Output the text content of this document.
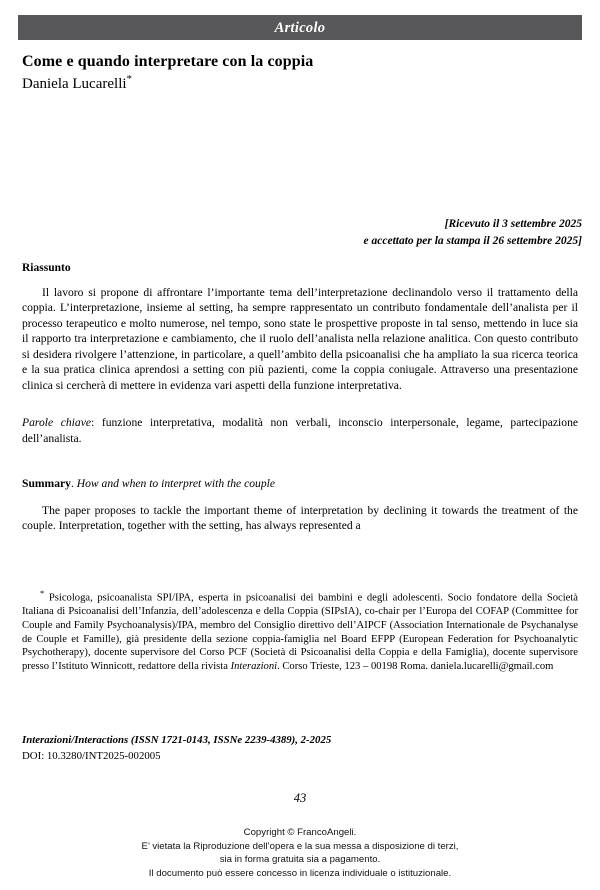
Articolo
Come e quando interpretare con la coppia
Daniela Lucarelli*
[Ricevuto il 3 settembre 2025
e accettato per la stampa il 26 settembre 2025]
Riassunto

Il lavoro si propone di affrontare l’importante tema dell’interpretazione declinandolo verso il trattamento della coppia. L’interpretazione, insieme al setting, ha sempre rappresentato un contributo fondamentale dell’analista per il processo terapeutico e molto numerose, nel tempo, sono state le prospettive proposte in tal senso, mettendo in luce sia il rapporto tra interpretazione e cambiamento, che il ruolo dell’analista nella relazione analitica. Con questo contributo si desidera rivolgere l’attenzione, in particolare, a quell’ambito della psicoanalisi che ha ampliato la sua ricerca teorica e la sua pratica clinica aprendosi a setting con più pazienti, come la coppia coniugale. Attraverso una presentazione clinica si cercherà di mettere in evidenza vari aspetti della funzione interpretativa.

Parole chiave: funzione interpretativa, modalità non verbali, inconscio interpersonale, legame, partecipazione dell’analista.

Summary. How and when to interpret with the couple

The paper proposes to tackle the important theme of interpretation by declining it towards the treatment of the couple. Interpretation, together with the setting, has always represented a

* Psicologa, psicoanalista SPI/IPA, esperta in psicoanalisi dei bambini e degli adolescenti. Socio fondatore della Società Italiana di Psicoanalisi dell’Infanzia, dell’adolescenza e della Coppia (SIPsIA), co-chair per l’Europa del COFAP (Committee for Couple and Family Psychoanalysis)/IPA, membro del Consiglio direttivo dell’AIPCF (Association Internationale de Psychanalyse de Couple et Famille), già presidente della sezione coppia-famiglia nel Board EFPP (European Federation for Psychoanalytic Psychotherapy), docente supervisore del Corso PCF (Società di Psicoanalisi della Coppia e della Famiglia), docente supervisore presso l’Istituto Winnicott, redattore della rivista Interazioni. Corso Trieste, 123 – 00198 Roma. daniela.lucarelli@gmail.com
Interazioni/Interactions (ISSN 1721-0143, ISSNe 2239-4389), 2-2025
DOI: 10.3280/INT2025-002005
43
Copyright © FrancoAngeli.
E’ vietata la Riproduzione dell’opera e la sua messa a disposizione di terzi,
sia in forma gratuita sia a pagamento.
Il documento può essere concesso in licenza individuale o istituzionale.
